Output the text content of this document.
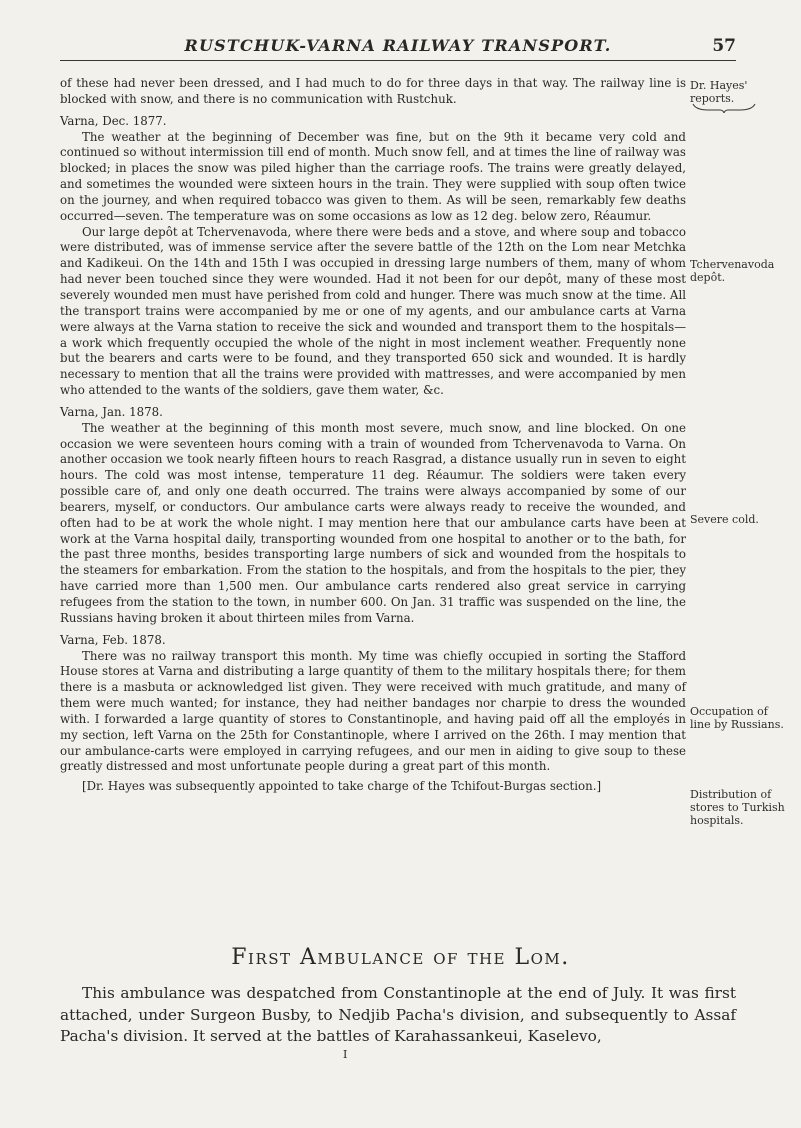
RUSTCHUK-VARNA RAILWAY TRANSPORT.	57

of these had never been dressed, and I had much to do for three days in that way. The railway line is blocked with snow, and there is no communication with Rustchuk.

Varna, Dec. 1877.

The weather at the beginning of December was fine, but on the 9th it became very cold and continued so without intermission till end of month. Much snow fell, and at times the line of railway was blocked; in places the snow was piled higher than the carriage roofs. The trains were greatly delayed, and sometimes the wounded were sixteen hours in the train. They were supplied with soup often twice on the journey, and when required tobacco was given to them. As will be seen, remarkably few deaths occurred—seven. The temperature was on some occasions as low as 12 deg. below zero, Réaumur.

Our large depôt at Tchervenavoda, where there were beds and a stove, and where soup and tobacco were distributed, was of immense service after the severe battle of the 12th on the Lom near Metchka and Kadikeui. On the 14th and 15th I was occupied in dressing large numbers of them, many of whom had never been touched since they were wounded. Had it not been for our depôt, many of these most severely wounded men must have perished from cold and hunger. There was much snow at the time. All the transport trains were accompanied by me or one of my agents, and our ambulance carts at Varna were always at the Varna station to receive the sick and wounded and transport them to the hospitals—a work which frequently occupied the whole of the night in most inclement weather. Frequently none but the bearers and carts were to be found, and they transported 650 sick and wounded. It is hardly necessary to mention that all the trains were provided with mattresses, and were accompanied by men who attended to the wants of the soldiers, gave them water, &c.

Varna, Jan. 1878.

The weather at the beginning of this month most severe, much snow, and line blocked. On one occasion we were seventeen hours coming with a train of wounded from Tchervenavoda to Varna. On another occasion we took nearly fifteen hours to reach Rasgrad, a distance usually run in seven to eight hours. The cold was most intense, temperature 11 deg. Réaumur. The soldiers were taken every possible care of, and only one death occurred. The trains were always accompanied by some of our bearers, myself, or conductors. Our ambulance carts were always ready to receive the wounded, and often had to be at work the whole night. I may mention here that our ambulance carts have been at work at the Varna hospital daily, transporting wounded from one hospital to another or to the bath, for the past three months, besides transporting large numbers of sick and wounded from the hospitals to the steamers for embarkation. From the station to the hospitals, and from the hospitals to the pier, they have carried more than 1,500 men. Our ambulance carts rendered also great service in carrying refugees from the station to the town, in number 600. On Jan. 31 traffic was suspended on the line, the Russians having broken it about thirteen miles from Varna.

Varna, Feb. 1878.

There was no railway transport this month. My time was chiefly occupied in sorting the Stafford House stores at Varna and distributing a large quantity of them to the military hospitals there; for them there is a masbuta or acknowledged list given. They were received with much gratitude, and many of them were much wanted; for instance, they had neither bandages nor charpie to dress the wounded with. I forwarded a large quantity of stores to Constantinople, and having paid off all the employés in my section, left Varna on the 25th for Constantinople, where I arrived on the 26th. I may mention that our ambulance-carts were employed in carrying refugees, and our men in aiding to give soup to these greatly distressed and most unfortunate people during a great part of this month.

[Dr. Hayes was subsequently appointed to take charge of the Tchifout-Burgas section.]

Dr. Hayes' reports.
Tchervenavoda depôt.
Severe cold.
Occupation of line by Russians.
Distribution of stores to Turkish hospitals.
First Ambulance of the Lom.

This ambulance was despatched from Constantinople at the end of July. It was first attached, under Surgeon Busby, to Nedjib Pacha's division, and subsequently to Assaf Pacha's division. It served at the battles of Karahassankeui, Kaselevo,

I
